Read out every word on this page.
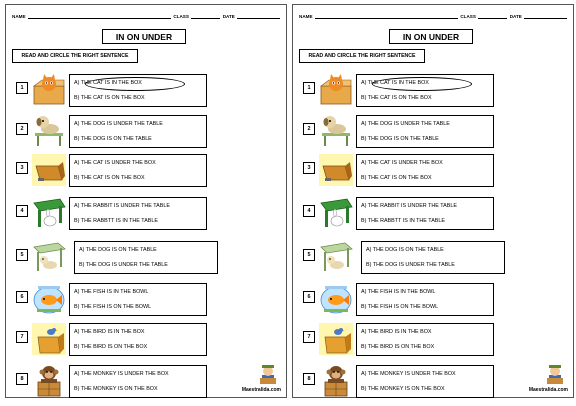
NAME	CLASS	DATE
IN ON UNDER
READ AND CIRCLE THE RIGHT SENTENCE
Maestralida.com
1
A) THE CAT IS IN THE BOX
B) THE CAT IS ON THE BOX
2
A) THE DOG IS UNDER THE TABLE
B) THE DOG IS ON THE TABLE
3
A) THE CAT IS UNDER THE BOX
B) THE CAT IS ON THE BOX
4
A) THE RABBIT IS UNDER THE TABLE
B) THE RABBTT IS IN THE TABLE
5
A) THE DOG IS ON THE TABLE
B) THE DOG IS UNDER THE TABLE
6
A) THE FISH IS IN THE BOWL
B) THE FISH IS ON THE BOWL
7
A) THE BIRD IS IN THE BOX
B) THE BIRD IS ON THE BOX
8
A) THE MONKEY IS UNDER THE BOX
B) THE MONKEY IS ON THE BOX
NAME	CLASS	DATE
IN ON UNDER
READ AND CIRCLE THE RIGHT SENTENCE
Maestralida.com
1
A) THE CAT IS IN THE BOX
B) THE CAT IS ON THE BOX
2
A) THE DOG IS UNDER THE TABLE
B) THE DOG IS ON THE TABLE
3
A) THE CAT IS UNDER THE BOX
B) THE CAT IS ON THE BOX
4
A) THE RABBIT IS UNDER THE TABLE
B) THE RABBTT IS IN THE TABLE
5
A) THE DOG IS ON THE TABLE
B) THE DOG IS UNDER THE TABLE
6
A) THE FISH IS IN THE BOWL
B) THE FISH IS ON THE BOWL
7
A) THE BIRD IS IN THE BOX
B) THE BIRD IS ON THE BOX
8
A) THE MONKEY IS UNDER THE BOX
B) THE MONKEY IS ON THE BOX
